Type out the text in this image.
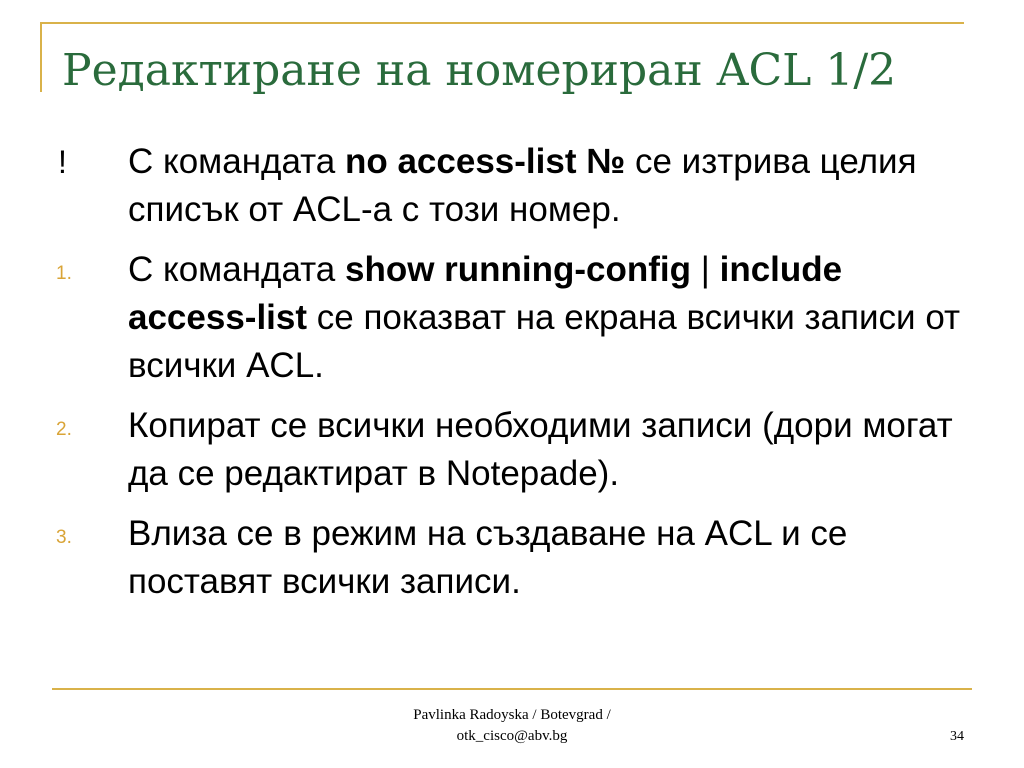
Редактиране на номериран ACL 1/2
!	С командата no access-list № се изтрива целия списък от ACL-а с този номер.
1.	С командата show running-config | include access-list се показват на екрана всички записи от всички ACL.
2.	Копират се всички необходими записи (дори могат да се редактират в Notepade).
3.	Влиза се в режим на създаване на ACL и се поставят всички записи.
Pavlinka Radoyska / Botevgrad /
otk_cisco@abv.bg	34
